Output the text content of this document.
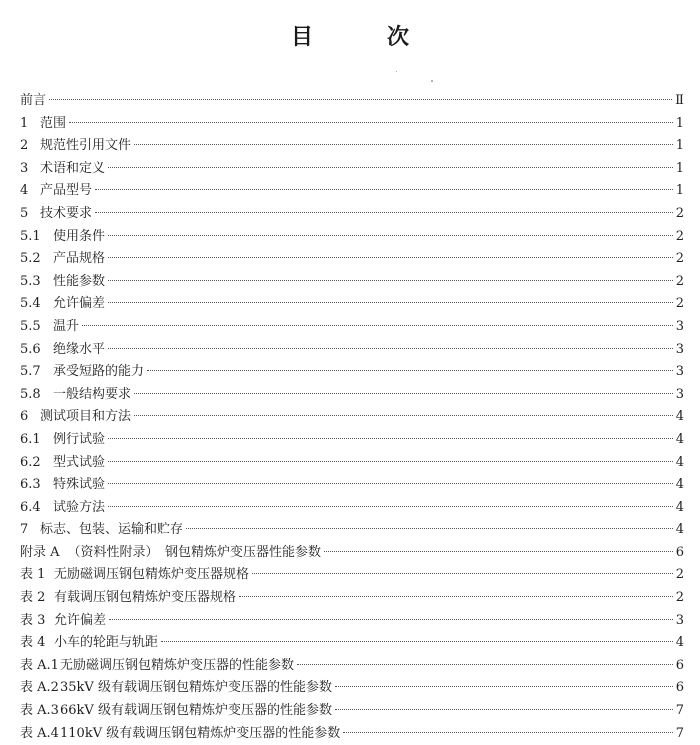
目　次
前言	Ⅱ
1 范围	1
2 规范性引用文件	1
3 术语和定义	1
4 产品型号	1
5 技术要求	2
5.1 使用条件	2
5.2 产品规格	2
5.3 性能参数	2
5.4 允许偏差	2
5.5 温升	3
5.6 绝缘水平	3
5.7 承受短路的能力	3
5.8 一般结构要求	3
6 测试项目和方法	4
6.1 例行试验	4
6.2 型式试验	4
6.3 特殊试验	4
6.4 试验方法	4
7 标志、包装、运输和贮存	4
附录 A （资料性附录）　钢包精炼炉变压器性能参数	6
表 1 无励磁调压钢包精炼炉变压器规格	2
表 2 有载调压钢包精炼炉变压器规格	2
表 3 允许偏差	3
表 4 小车的轮距与轨距	4
表 A.1 无励磁调压钢包精炼炉变压器的性能参数	6
表 A.2 35kV 级有载调压钢包精炼炉变压器的性能参数	6
表 A.3 66kV 级有载调压钢包精炼炉变压器的性能参数	7
表 A.4 110kV 级有载调压钢包精炼炉变压器的性能参数	7
